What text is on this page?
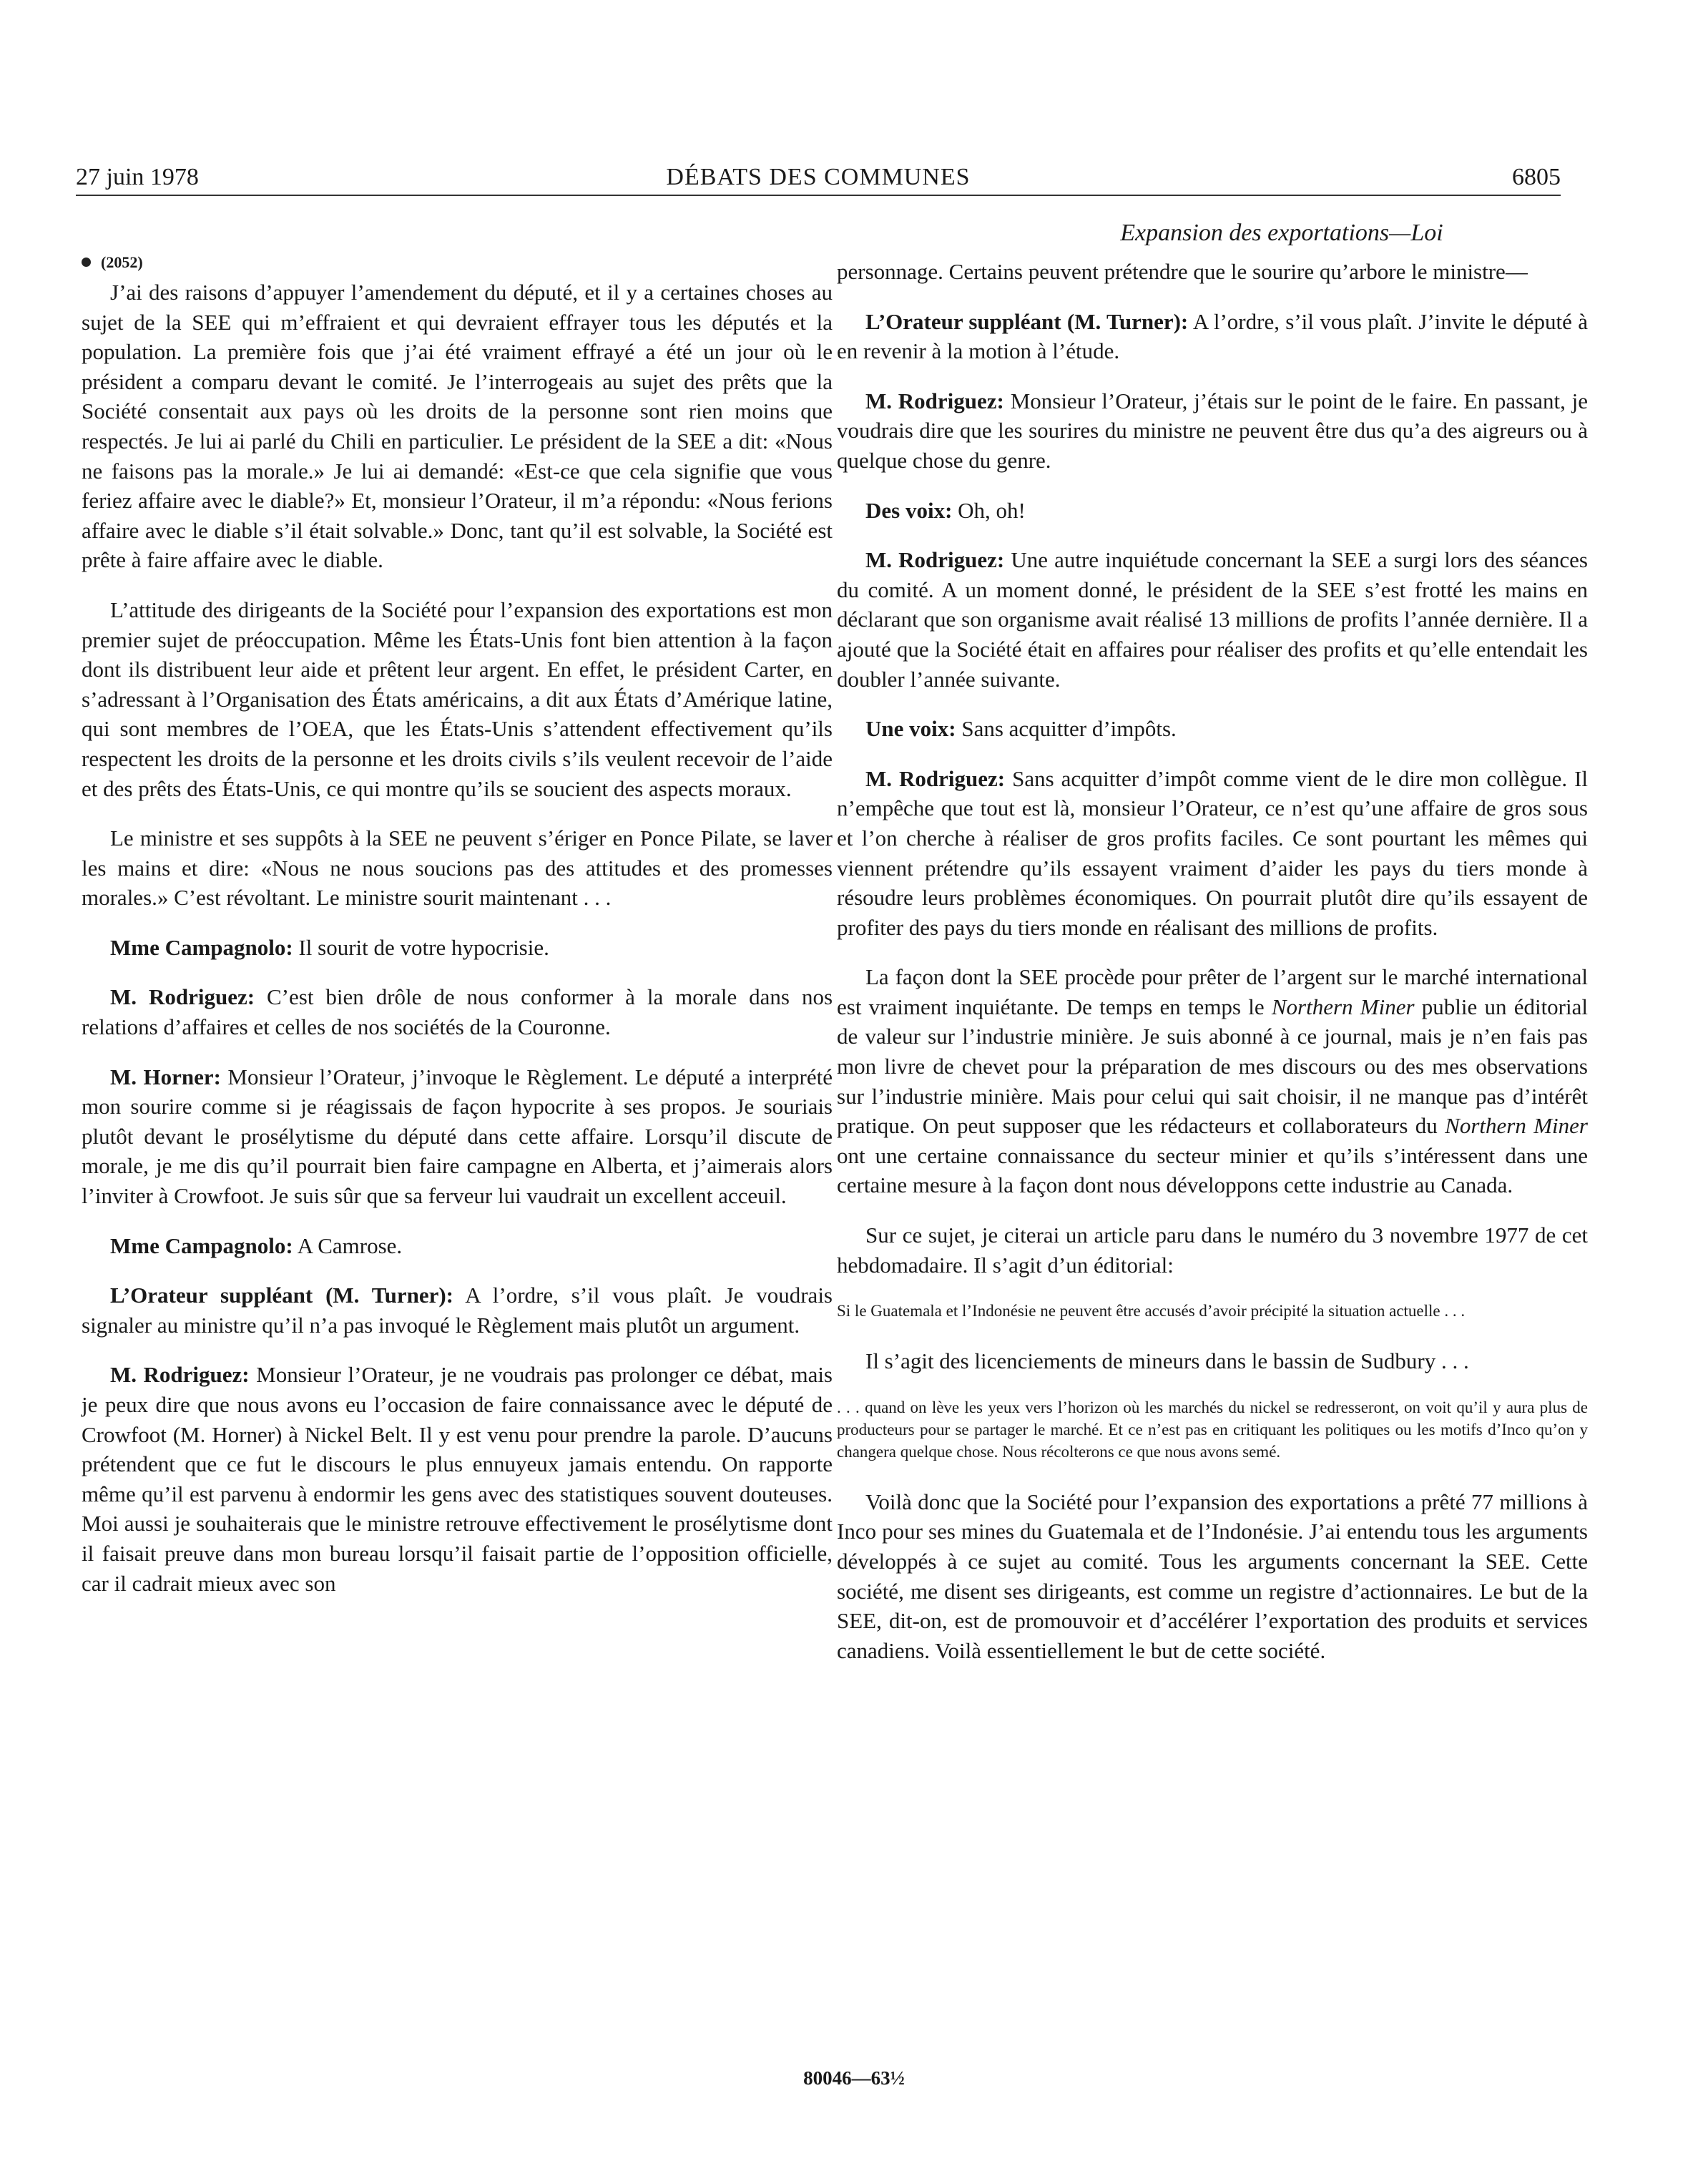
27 juin 1978	DÉBATS DES COMMUNES	6805
Expansion des exportations—Loi
(2052)

J’ai des raisons d’appuyer l’amendement du député, et il y a certaines choses au sujet de la SEE qui m’effraient et qui devraient effrayer tous les députés et la population. La première fois que j’ai été vraiment effrayé a été un jour où le président a comparu devant le comité. Je l’interrogeais au sujet des prêts que la Société consentait aux pays où les droits de la personne sont rien moins que respectés. Je lui ai parlé du Chili en particulier. Le président de la SEE a dit: «Nous ne faisons pas la morale.» Je lui ai demandé: «Est-ce que cela signifie que vous feriez affaire avec le diable?» Et, monsieur l’Orateur, il m’a répondu: «Nous ferions affaire avec le diable s’il était solvable.» Donc, tant qu’il est solvable, la Société est prête à faire affaire avec le diable.

L’attitude des dirigeants de la Société pour l’expansion des exportations est mon premier sujet de préoccupation. Même les États-Unis font bien attention à la façon dont ils distribuent leur aide et prêtent leur argent. En effet, le président Carter, en s’adressant à l’Organisation des États américains, a dit aux États d’Amérique latine, qui sont membres de l’OEA, que les États-Unis s’attendent effectivement qu’ils respectent les droits de la personne et les droits civils s’ils veulent recevoir de l’aide et des prêts des États-Unis, ce qui montre qu’ils se soucient des aspects moraux.

Le ministre et ses suppôts à la SEE ne peuvent s’ériger en Ponce Pilate, se laver les mains et dire: «Nous ne nous soucions pas des attitudes et des promesses morales.» C’est révoltant. Le ministre sourit maintenant . . .

Mme Campagnolo: Il sourit de votre hypocrisie.

M. Rodriguez: C’est bien drôle de nous conformer à la morale dans nos relations d’affaires et celles de nos sociétés de la Couronne.

M. Horner: Monsieur l’Orateur, j’invoque le Règlement. Le député a interprété mon sourire comme si je réagissais de façon hypocrite à ses propos. Je souriais plutôt devant le prosélytisme du député dans cette affaire. Lorsqu’il discute de morale, je me dis qu’il pourrait bien faire campagne en Alberta, et j’aimerais alors l’inviter à Crowfoot. Je suis sûr que sa ferveur lui vaudrait un excellent acceuil.

Mme Campagnolo: A Camrose.

L’Orateur suppléant (M. Turner): A l’ordre, s’il vous plaît. Je voudrais signaler au ministre qu’il n’a pas invoqué le Règlement mais plutôt un argument.

M. Rodriguez: Monsieur l’Orateur, je ne voudrais pas prolonger ce débat, mais je peux dire que nous avons eu l’occasion de faire connaissance avec le député de Crowfoot (M. Horner) à Nickel Belt. Il y est venu pour prendre la parole. D’aucuns prétendent que ce fut le discours le plus ennuyeux jamais entendu. On rapporte même qu’il est parvenu à endormir les gens avec des statistiques souvent douteuses. Moi aussi je souhaiterais que le ministre retrouve effectivement le prosélytisme dont il faisait preuve dans mon bureau lorsqu’il faisait partie de l’opposition officielle, car il cadrait mieux avec son

personnage. Certains peuvent prétendre que le sourire qu’arbore le ministre—

L’Orateur suppléant (M. Turner): A l’ordre, s’il vous plaît. J’invite le député à en revenir à la motion à l’étude.

M. Rodriguez: Monsieur l’Orateur, j’étais sur le point de le faire. En passant, je voudrais dire que les sourires du ministre ne peuvent être dus qu’a des aigreurs ou à quelque chose du genre.

Des voix: Oh, oh!

M. Rodriguez: Une autre inquiétude concernant la SEE a surgi lors des séances du comité. A un moment donné, le président de la SEE s’est frotté les mains en déclarant que son organisme avait réalisé 13 millions de profits l’année dernière. Il a ajouté que la Société était en affaires pour réaliser des profits et qu’elle entendait les doubler l’année suivante.

Une voix: Sans acquitter d’impôts.

M. Rodriguez: Sans acquitter d’impôt comme vient de le dire mon collègue. Il n’empêche que tout est là, monsieur l’Orateur, ce n’est qu’une affaire de gros sous et l’on cherche à réaliser de gros profits faciles. Ce sont pourtant les mêmes qui viennent prétendre qu’ils essayent vraiment d’aider les pays du tiers monde à résoudre leurs problèmes économiques. On pourrait plutôt dire qu’ils essayent de profiter des pays du tiers monde en réalisant des millions de profits.

La façon dont la SEE procède pour prêter de l’argent sur le marché international est vraiment inquiétante. De temps en temps le Northern Miner publie un éditorial de valeur sur l’industrie minière. Je suis abonné à ce journal, mais je n’en fais pas mon livre de chevet pour la préparation de mes discours ou des mes observations sur l’industrie minière. Mais pour celui qui sait choisir, il ne manque pas d’intérêt pratique. On peut supposer que les rédacteurs et collaborateurs du Northern Miner ont une certaine connaissance du secteur minier et qu’ils s’intéressent dans une certaine mesure à la façon dont nous développons cette industrie au Canada.

Sur ce sujet, je citerai un article paru dans le numéro du 3 novembre 1977 de cet hebdomadaire. Il s’agit d’un éditorial:

Si le Guatemala et l’Indonésie ne peuvent être accusés d’avoir précipité la situation actuelle . . .

Il s’agit des licenciements de mineurs dans le bassin de Sudbury . . .

. . . quand on lève les yeux vers l’horizon où les marchés du nickel se redresseront, on voit qu’il y aura plus de producteurs pour se partager le marché. Et ce n’est pas en critiquant les politiques ou les motifs d’Inco qu’on y changera quelque chose. Nous récolterons ce que nous avons semé.

Voilà donc que la Société pour l’expansion des exportations a prêté 77 millions à Inco pour ses mines du Guatemala et de l’Indonésie. J’ai entendu tous les arguments développés à ce sujet au comité. Tous les arguments concernant la SEE. Cette société, me disent ses dirigeants, est comme un registre d’actionnaires. Le but de la SEE, dit-on, est de promouvoir et d’accélérer l’exportation des produits et services canadiens. Voilà essentiellement le but de cette société.

80046—63½
